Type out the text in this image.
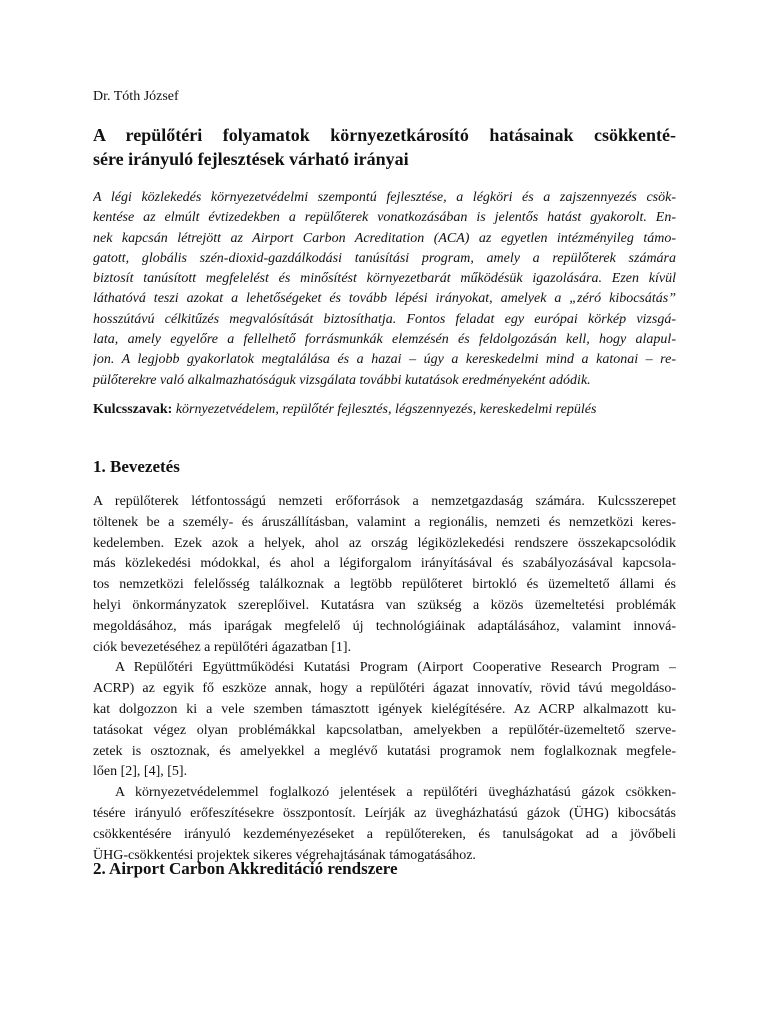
Dr. Tóth József
A repülőtéri folyamatok környezetkárosító hatásainak csökkenté-
sére irányuló fejlesztések várható irányai
A légi közlekedés környezetvédelmi szempontú fejlesztése, a légköri és a zajszennyezés csök-
kentése az elmúlt évtizedekben a repülőterek vonatkozásában is jelentős hatást gyakorolt. En-
nek kapcsán létrejött az Airport Carbon Acreditation (ACA) az egyetlen intézményileg támo-
gatott, globális szén-dioxid-gazdálkodási tanúsítási program, amely a repülőterek számára
biztosít tanúsított megfelelést és minősítést környezetbarát működésük igazolására. Ezen kívül
láthatóvá teszi azokat a lehetőségeket és tovább lépési irányokat, amelyek a „zéró kibocsátás”
hosszútávú célkitűzés megvalósítását biztosíthatja. Fontos feladat egy európai körkép vizsgá-
lata, amely egyelőre a fellelhető forrásmunkák elemzésén és feldolgozásán kell, hogy alapul-
jon. A legjobb gyakorlatok megtalálása és a hazai – úgy a kereskedelmi mind a katonai – re-
pülőterekre való alkalmazhatóságuk vizsgálata további kutatások eredményeként adódik.
Kulcsszavak: környezetvédelem, repülőtér fejlesztés, légszennyezés, kereskedelmi repülés
1. Bevezetés
A repülőterek létfontosságú nemzeti erőforrások a nemzetgazdaság számára. Kulcsszerepet
töltenek be a személy- és áruszállításban, valamint a regionális, nemzeti és nemzetközi keres-
kedelemben. Ezek azok a helyek, ahol az ország légiközlekedési rendszere összekapcsolódik
más közlekedési módokkal, és ahol a légiforgalom irányításával és szabályozásával kapcsola-
tos nemzetközi felelősség találkoznak a legtöbb repülőteret birtokló és üzemeltető állami és
helyi önkormányzatok szereplőivel. Kutatásra van szükség a közös üzemeltetési problémák
megoldásához, más iparágak megfelelő új technológiáinak adaptálásához, valamint innová-
ciók bevezetéséhez a repülőtéri ágazatban [1].
A Repülőtéri Együttműködési Kutatási Program (Airport Cooperative Research Program –
ACRP) az egyik fő eszköze annak, hogy a repülőtéri ágazat innovatív, rövid távú megoldáso-
kat dolgozzon ki a vele szemben támasztott igények kielégítésére. Az ACRP alkalmazott ku-
tatásokat végez olyan problémákkal kapcsolatban, amelyekben a repülőtér-üzemeltető szerve-
zetek is osztoznak, és amelyekkel a meglévő kutatási programok nem foglalkoznak megfele-
lően [2], [4], [5].
A környezetvédelemmel foglalkozó jelentések a repülőtéri üvegházhatású gázok csökken-
tésére irányuló erőfeszítésekre összpontosít. Leírják az üvegházhatású gázok (ÜHG) kibocsátás
csökkentésére irányuló kezdeményezéseket a repülőtereken, és tanulságokat ad a jövőbeli
ÜHG-csökkentési projektek sikeres végrehajtásának támogatásához.
2. Airport Carbon Akkreditáció rendszere
